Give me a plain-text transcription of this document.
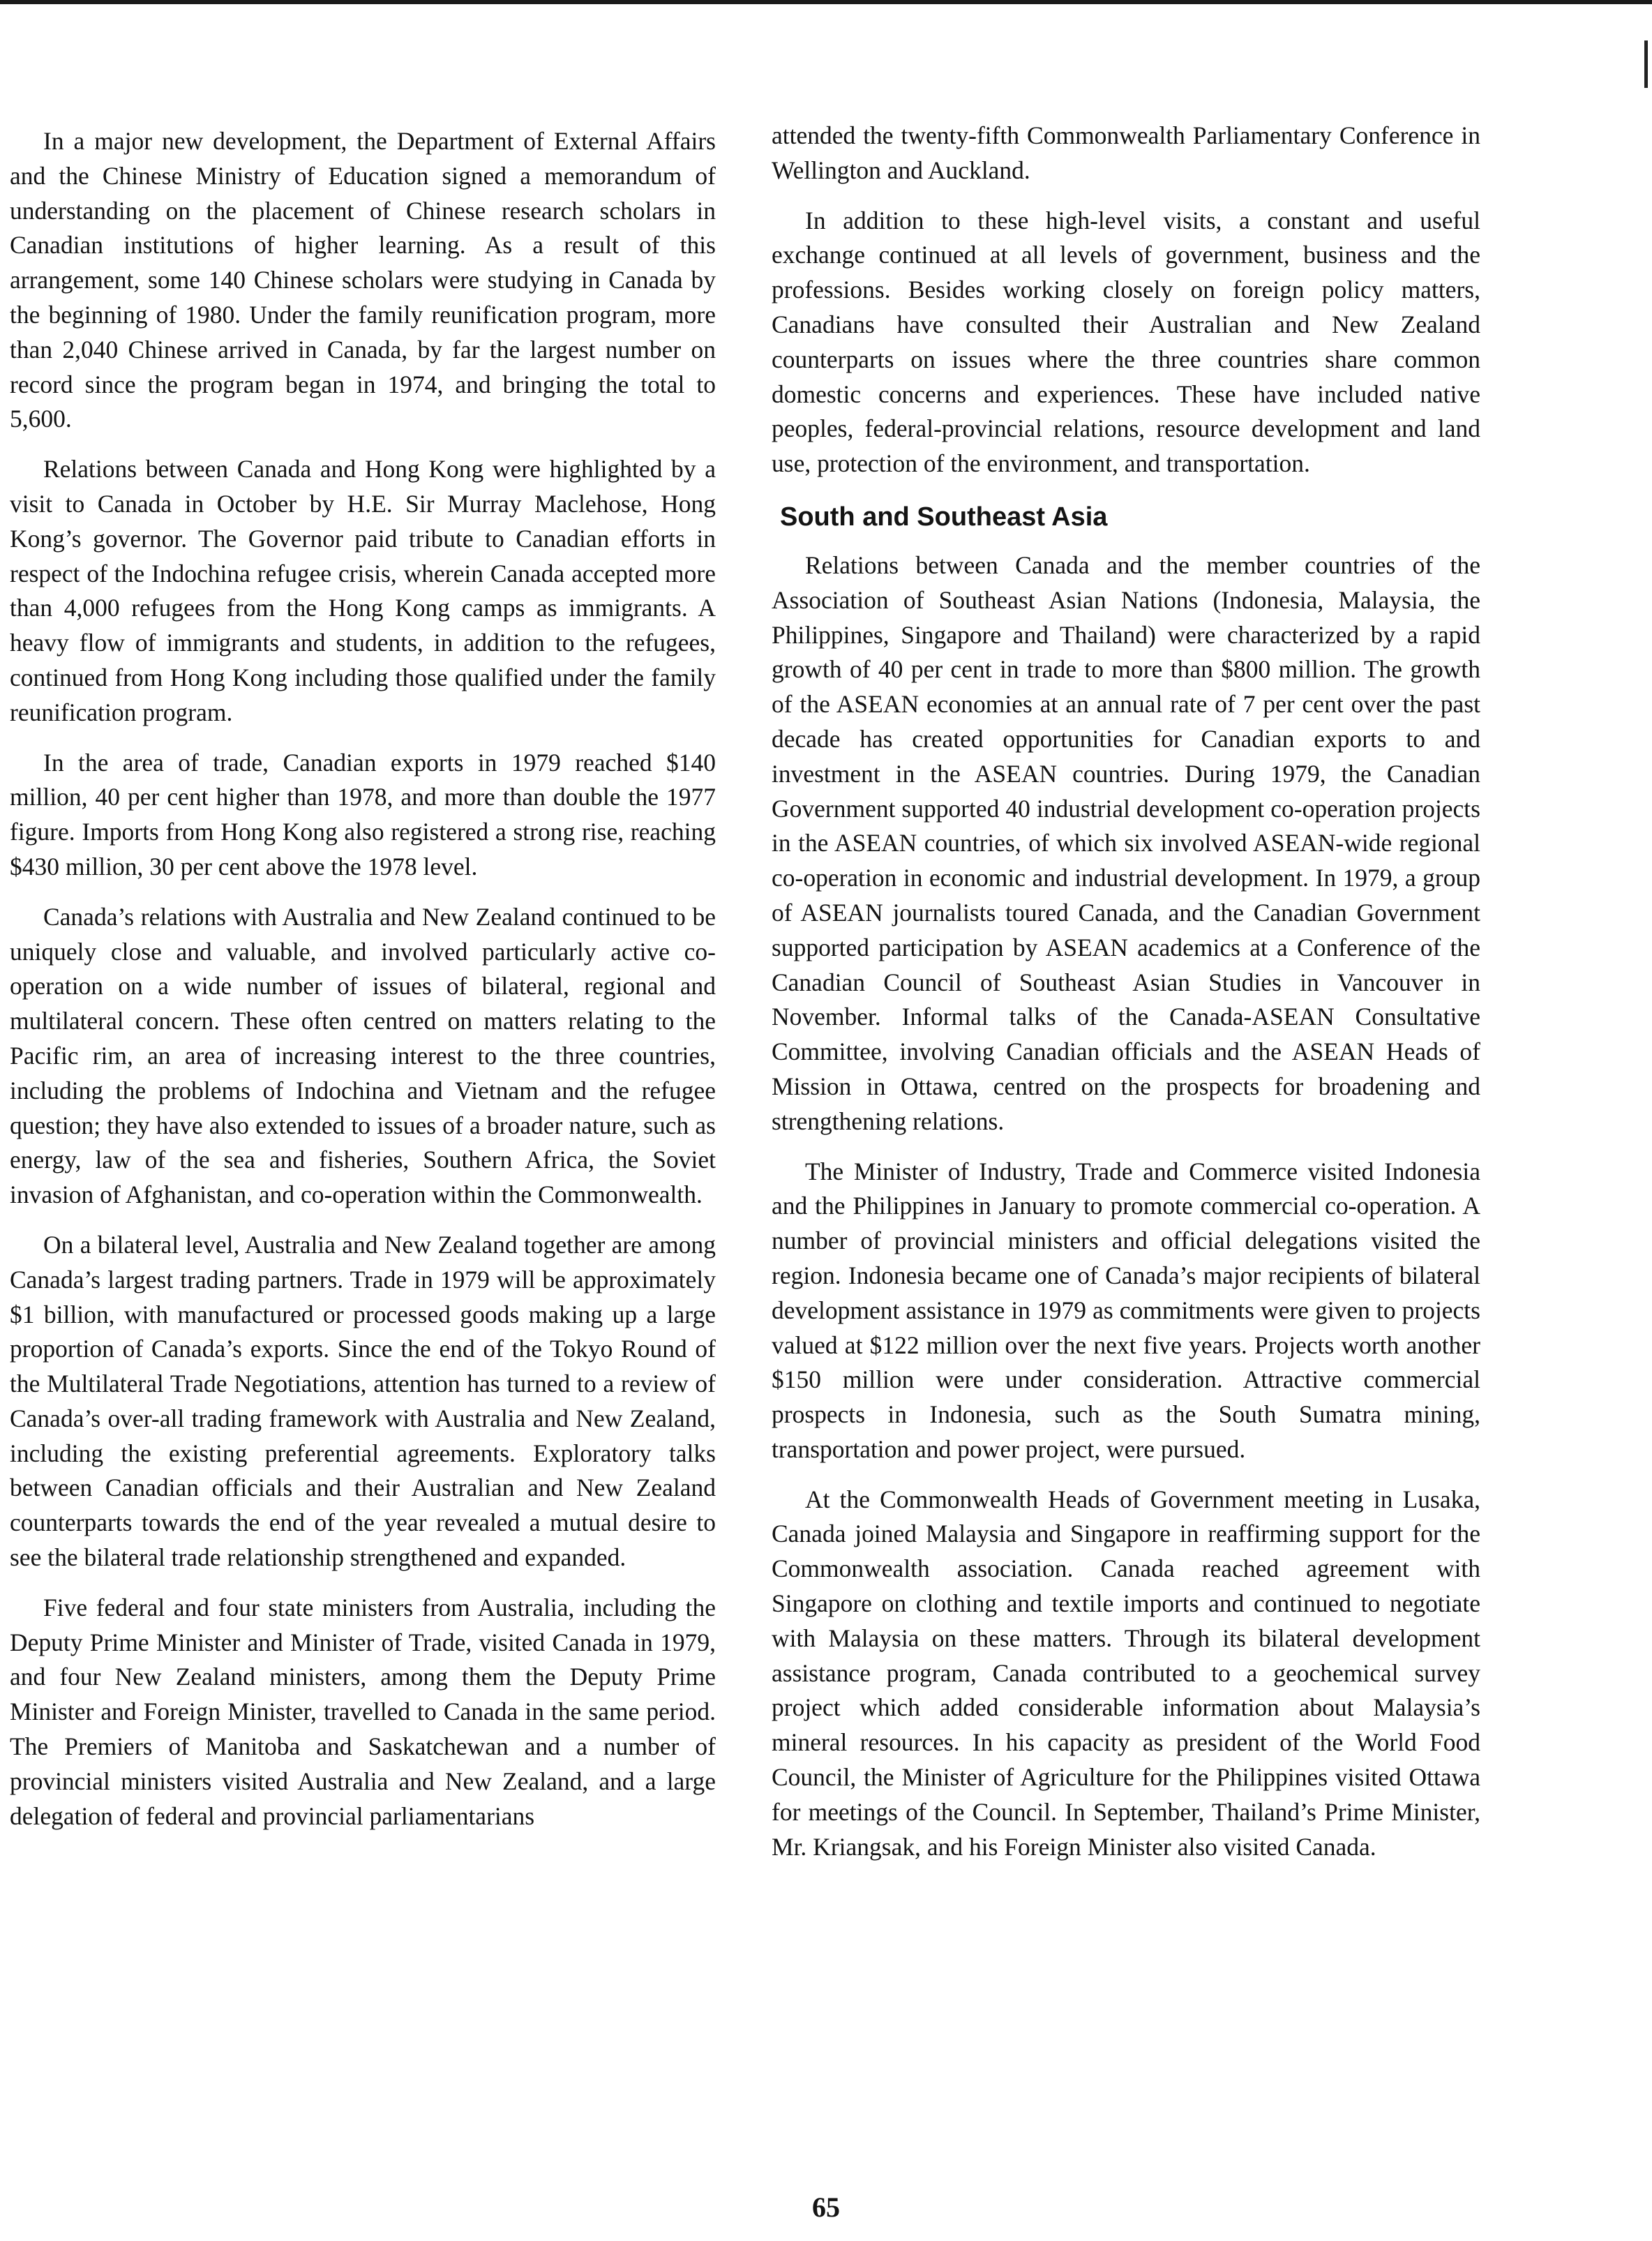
In a major new development, the Department of External Affairs and the Chinese Ministry of Education signed a memorandum of understanding on the placement of Chinese research scholars in Canadian institutions of higher learning. As a result of this arrangement, some 140 Chinese scholars were studying in Canada by the beginning of 1980. Under the family reunification program, more than 2,040 Chinese arrived in Canada, by far the largest number on record since the program began in 1974, and bringing the total to 5,600.

Relations between Canada and Hong Kong were highlighted by a visit to Canada in October by H.E. Sir Murray Maclehose, Hong Kong’s governor. The Governor paid tribute to Canadian efforts in respect of the Indochina refugee crisis, wherein Canada accepted more than 4,000 refugees from the Hong Kong camps as immigrants. A heavy flow of immigrants and students, in addition to the refugees, continued from Hong Kong including those qualified under the family reunification program.

In the area of trade, Canadian exports in 1979 reached $140 million, 40 per cent higher than 1978, and more than double the 1977 figure. Imports from Hong Kong also registered a strong rise, reaching $430 million, 30 per cent above the 1978 level.

Canada’s relations with Australia and New Zealand continued to be uniquely close and valuable, and involved particularly active co-operation on a wide number of issues of bilateral, regional and multilateral concern. These often centred on matters relating to the Pacific rim, an area of increasing interest to the three countries, including the problems of Indochina and Vietnam and the refugee question; they have also extended to issues of a broader nature, such as energy, law of the sea and fisheries, Southern Africa, the Soviet invasion of Afghanistan, and co-operation within the Commonwealth.

On a bilateral level, Australia and New Zealand together are among Canada’s largest trading partners. Trade in 1979 will be approximately $1 billion, with manufactured or processed goods making up a large proportion of Canada’s exports. Since the end of the Tokyo Round of the Multilateral Trade Negotiations, attention has turned to a review of Canada’s over-all trading framework with Australia and New Zealand, including the existing preferential agreements. Exploratory talks between Canadian officials and their Australian and New Zealand counterparts towards the end of the year revealed a mutual desire to see the bilateral trade relationship strengthened and expanded.

Five federal and four state ministers from Australia, including the Deputy Prime Minister and Minister of Trade, visited Canada in 1979, and four New Zealand ministers, among them the Deputy Prime Minister and Foreign Minister, travelled to Canada in the same period. The Premiers of Manitoba and Saskatchewan and a number of provincial ministers visited Australia and New Zealand, and a large delegation of federal and provincial parliamentarians

attended the twenty-fifth Commonwealth Parliamentary Conference in Wellington and Auckland.

In addition to these high-level visits, a constant and useful exchange continued at all levels of government, business and the professions. Besides working closely on foreign policy matters, Canadians have consulted their Australian and New Zealand counterparts on issues where the three countries share common domestic concerns and experiences. These have included native peoples, federal-provincial relations, resource development and land use, protection of the environment, and transportation.

South and Southeast Asia

Relations between Canada and the member countries of the Association of Southeast Asian Nations (Indonesia, Malaysia, the Philippines, Singapore and Thailand) were characterized by a rapid growth of 40 per cent in trade to more than $800 million. The growth of the ASEAN economies at an annual rate of 7 per cent over the past decade has created opportunities for Canadian exports to and investment in the ASEAN countries. During 1979, the Canadian Government supported 40 industrial development co-operation projects in the ASEAN countries, of which six involved ASEAN-wide regional co-operation in economic and industrial development. In 1979, a group of ASEAN journalists toured Canada, and the Canadian Government supported participation by ASEAN academics at a Conference of the Canadian Council of Southeast Asian Studies in Vancouver in November. Informal talks of the Canada-ASEAN Consultative Committee, involving Canadian officials and the ASEAN Heads of Mission in Ottawa, centred on the prospects for broadening and strengthening relations.

The Minister of Industry, Trade and Commerce visited Indonesia and the Philippines in January to promote commercial co-operation. A number of provincial ministers and official delegations visited the region. Indonesia became one of Canada’s major recipients of bilateral development assistance in 1979 as commitments were given to projects valued at $122 million over the next five years. Projects worth another $150 million were under consideration. Attractive commercial prospects in Indonesia, such as the South Sumatra mining, transportation and power project, were pursued.

At the Commonwealth Heads of Government meeting in Lusaka, Canada joined Malaysia and Singapore in reaffirming support for the Commonwealth association. Canada reached agreement with Singapore on clothing and textile imports and continued to negotiate with Malaysia on these matters. Through its bilateral development assistance program, Canada contributed to a geochemical survey project which added considerable information about Malaysia’s mineral resources. In his capacity as president of the World Food Council, the Minister of Agriculture for the Philippines visited Ottawa for meetings of the Council. In September, Thailand’s Prime Minister, Mr. Kriangsak, and his Foreign Minister also visited Canada.

65
